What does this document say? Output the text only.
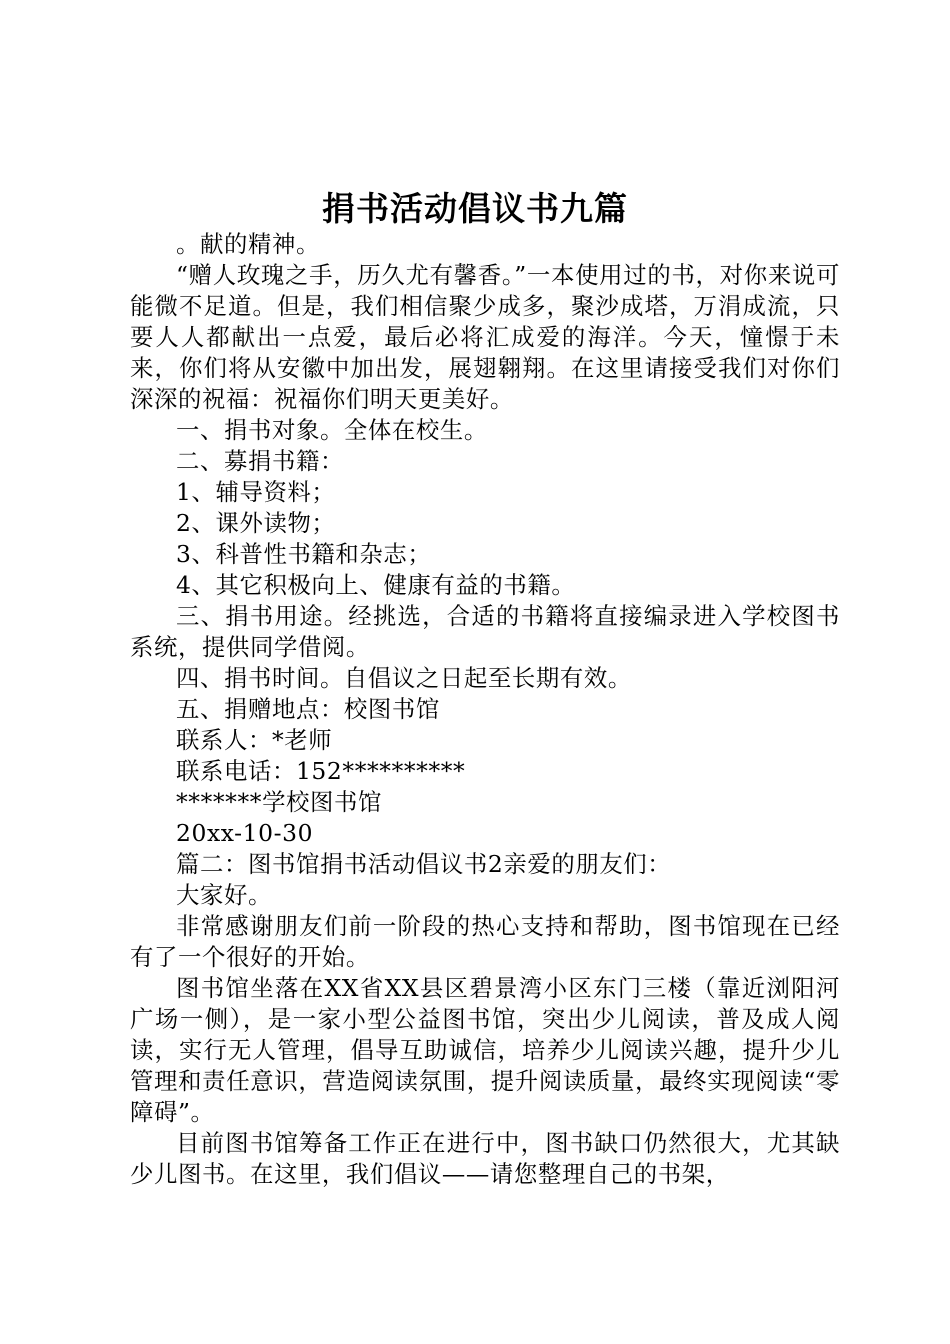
捐书活动倡议书九篇

。献的精神。

“赠人玫瑰之手，历久尤有馨香。”一本使用过的书，对你来说可能微不足道。但是，我们相信聚少成多，聚沙成塔，万涓成流，只要人人都献出一点爱，最后必将汇成爱的海洋。今天，憧憬于未来，你们将从安徽中加出发，展翅翱翔。在这里请接受我们对你们深深的祝福：祝福你们明天更美好。

一、捐书对象。全体在校生。

二、募捐书籍：

1、辅导资料；

2、课外读物；

3、科普性书籍和杂志；

4、其它积极向上、健康有益的书籍。

三、捐书用途。经挑选，合适的书籍将直接编录进入学校图书系统，提供同学借阅。

四、捐书时间。自倡议之日起至长期有效。

五、捐赠地点：校图书馆

联系人：*老师

联系电话：152**********

*******学校图书馆

20xx-10-30

篇二：图书馆捐书活动倡议书2亲爱的朋友们：

大家好。

非常感谢朋友们前一阶段的热心支持和帮助，图书馆现在已经有了一个很好的开始。

图书馆坐落在XX省XX县区碧景湾小区东门三楼（靠近浏阳河广场一侧），是一家小型公益图书馆，突出少儿阅读，普及成人阅读，实行无人管理，倡导互助诚信，培养少儿阅读兴趣，提升少儿管理和责任意识，营造阅读氛围，提升阅读质量，最终实现阅读“零障碍”。

目前图书馆筹备工作正在进行中，图书缺口仍然很大，尤其缺少儿图书。在这里，我们倡议——请您整理自己的书架，
